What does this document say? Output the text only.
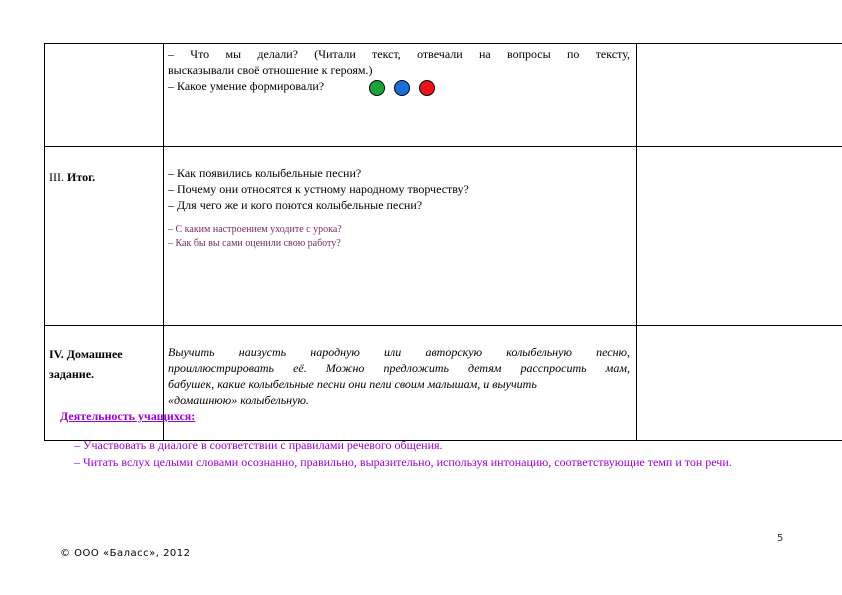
	– Что мы делали? (Читали текст, отвечали на вопросы по тексту,
высказывали своё отношение к героям.)
– Какое умение формировали?	

III. Итог.	– Как появились колыбельные песни?
– Почему они относятся к устному народному творчеству?
– Для чего же и кого поются колыбельные песни?
– С каким настроением уходите с урока?
– Как бы вы сами оценили свою работу?	

IV. Домашнее задание.	Выучить наизусть народную или авторскую колыбельную песню,
проиллюстрировать её. Можно предложить детям расспросить мам,
бабушек, какие колыбельные песни они пели своим малышам, и выучить
«домашнюю» колыбельную.	

Деятельность учащихся:
– Участвовать в диалоге в соответствии с правилами речевого общения.
– Читать вслух целыми словами осознанно, правильно, выразительно, используя интонацию, соответствующие темп и тон речи.
5
© ООО «Баласс», 2012
